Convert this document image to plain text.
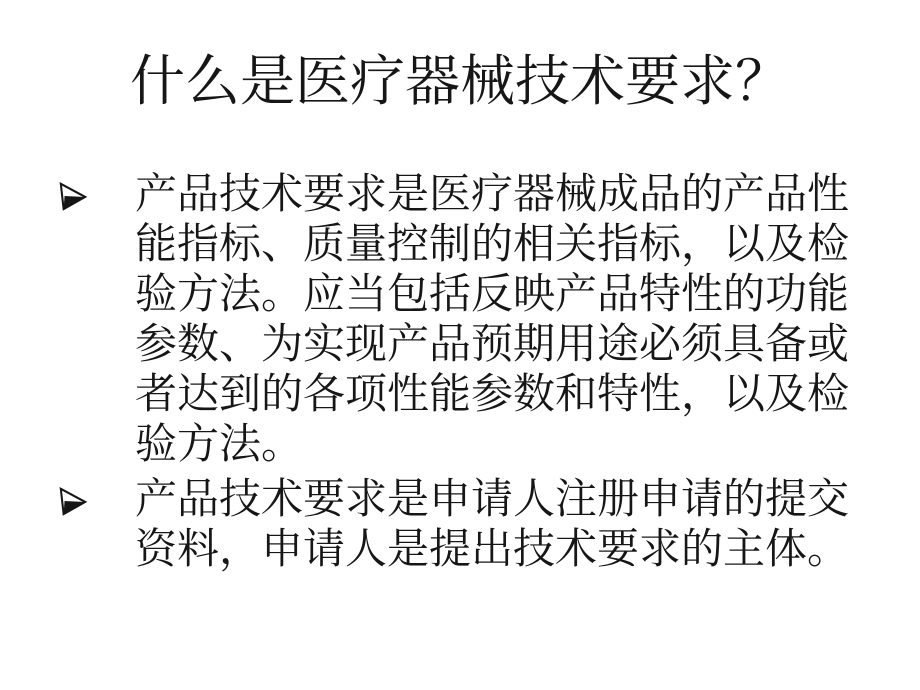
什么是医疗器械技术要求？
产品技术要求是医疗器械成品的产品性
能指标、质量控制的相关指标，以及检
验方法。应当包括反映产品特性的功能
参数、为实现产品预期用途必须具备或
者达到的各项性能参数和特性，以及检
验方法。
产品技术要求是申请人注册申请的提交
资料，申请人是提出技术要求的主体。
